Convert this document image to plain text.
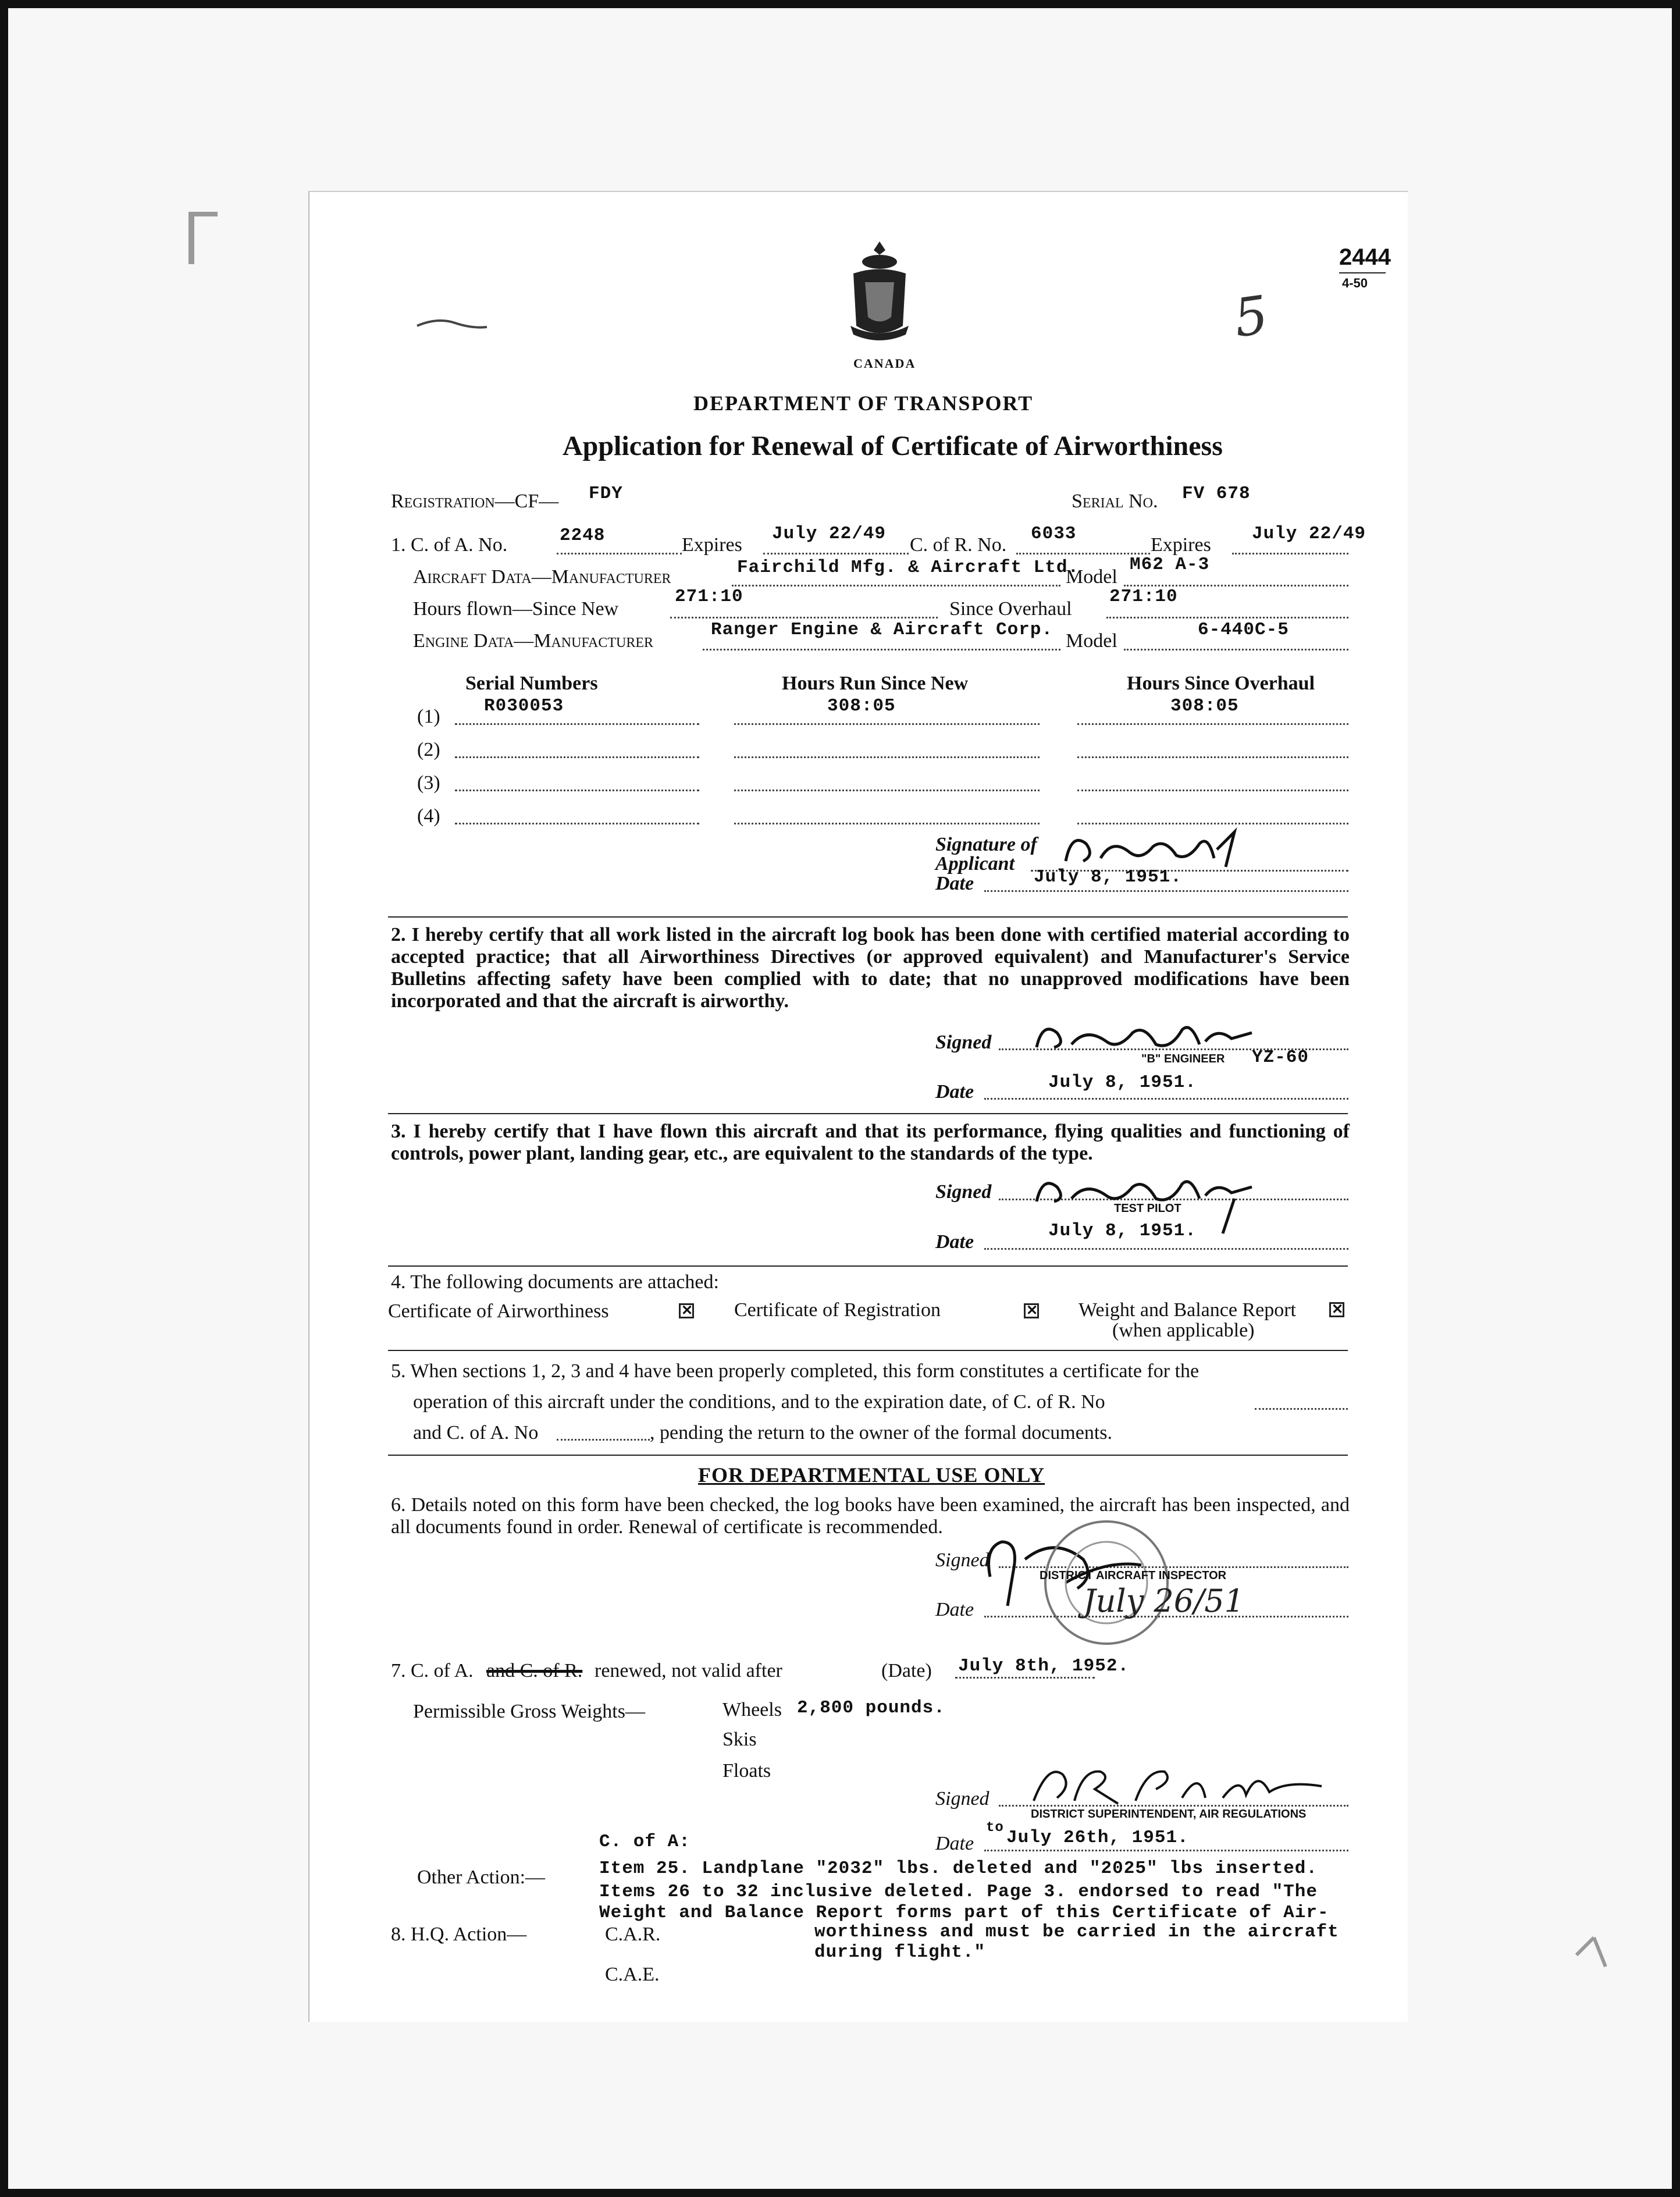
CANADA
2444
4-50
5
DEPARTMENT OF TRANSPORT
Application for Renewal of Certificate of Airworthiness
Registration—CF— FDY	Serial No. FV 678
1. C. of A. No.	2248	Expires
July 22/49
C. of R. No.
6033
Expires
July 22/49
Aircraft Data—Manufacturer	Fairchild Mfg. & Aircraft Ltd.
Model
M62 A-3
Hours flown—Since New
271:10
Since Overhaul
271:10
Engine Data—Manufacturer
Ranger Engine & Aircraft Corp.
Model
6-440C-5
Serial Numbers	Hours Run Since New	Hours Since Overhaul
(1) R030053	308:05	308:05
(2)
(3)
(4)
Signature of
Applicant
Date	July 8, 1951.
2. I hereby certify that all work listed in the aircraft log book has been done with certified material according to accepted practice; that all Airworthiness Directives (or approved equivalent) and Manufacturer's Service Bulletins affecting safety have been complied with to date; that no unapproved modifications have been incorporated and that the aircraft is airworthy.
Signed
"B" ENGINEER YZ-60
Date	July 8, 1951.
3. I hereby certify that I have flown this aircraft and that its performance, flying qualities and functioning of controls, power plant, landing gear, etc., are equivalent to the standards of the type.
Signed
TEST PILOT
Date
July 8, 1951.
4. The following documents are attached:
Certificate of Airworthiness ✕	Certificate of Registration ✕	Weight and Balance Report
✕
(when applicable)
5. When sections 1, 2, 3 and 4 have been properly completed, this form constitutes a certificate for the
operation of this aircraft under the conditions, and to the expiration date, of C. of R. No
and C. of A. No	, pending the return to the owner of the formal documents.
FOR DEPARTMENTAL USE ONLY
6. Details noted on this form have been checked, the log books have been examined, the aircraft has been inspected, and all documents found in order. Renewal of certificate is recommended.
Signed
DISTRICT AIRCRAFT INSPECTOR
Date	July 26/51
7. C. of A. and C. of R. renewed, not valid after	(Date) July 8th, 1952.
Permissible Gross Weights—	Wheels 2,800 pounds.
Skis
Floats
Signed
DISTRICT SUPERINTENDENT, AIR REGULATIONS
Date
to July 26th, 1951.
Other Action:—
C. of A:
Item 25. Landplane "2032" lbs. deleted and "2025" lbs inserted.
Items 26 to 32 inclusive deleted. Page 3. endorsed to read "The
Weight and Balance Report forms part of this Certificate of Air-
worthiness and must be carried in the aircraft
during flight."
8. H.Q. Action—	C.A.R.
C.A.E.
